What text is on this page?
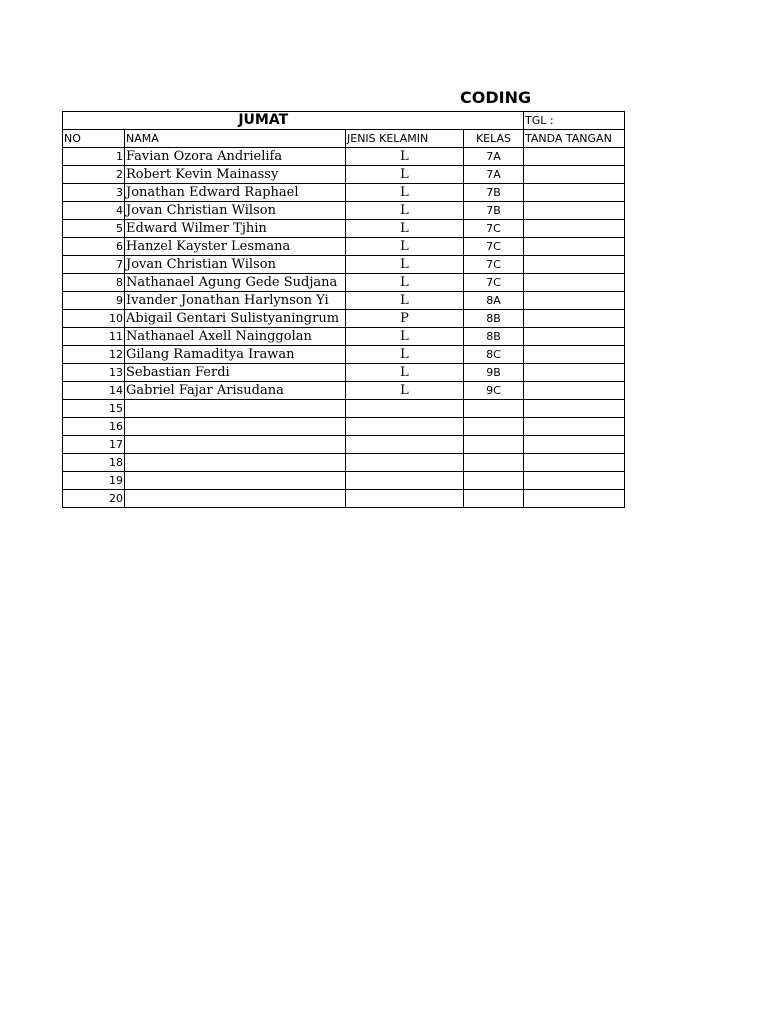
CODING
JUMAT				TGL :
NO	NAMA	JENIS KELAMIN	KELAS	TANDA TANGAN
1	Favian Ozora Andrielifa	L	7A	
2	Robert Kevin Mainassy	L	7A	
3	Jonathan Edward Raphael	L	7B	
4	Jovan Christian Wilson	L	7B	
5	Edward Wilmer Tjhin	L	7C	
6	Hanzel Kayster Lesmana	L	7C	
7	Jovan Christian Wilson	L	7C	
8	Nathanael Agung Gede Sudjana	L	7C	
9	Ivander Jonathan Harlynson Yi	L	8A	
10	Abigail Gentari Sulistyaningrum	P	8B	
11	Nathanael Axell Nainggolan	L	8B	
12	Gilang Ramaditya Irawan	L	8C	
13	Sebastian Ferdi	L	9B	
14	Gabriel Fajar Arisudana	L	9C	
15				
16				
17				
18				
19				
20				
